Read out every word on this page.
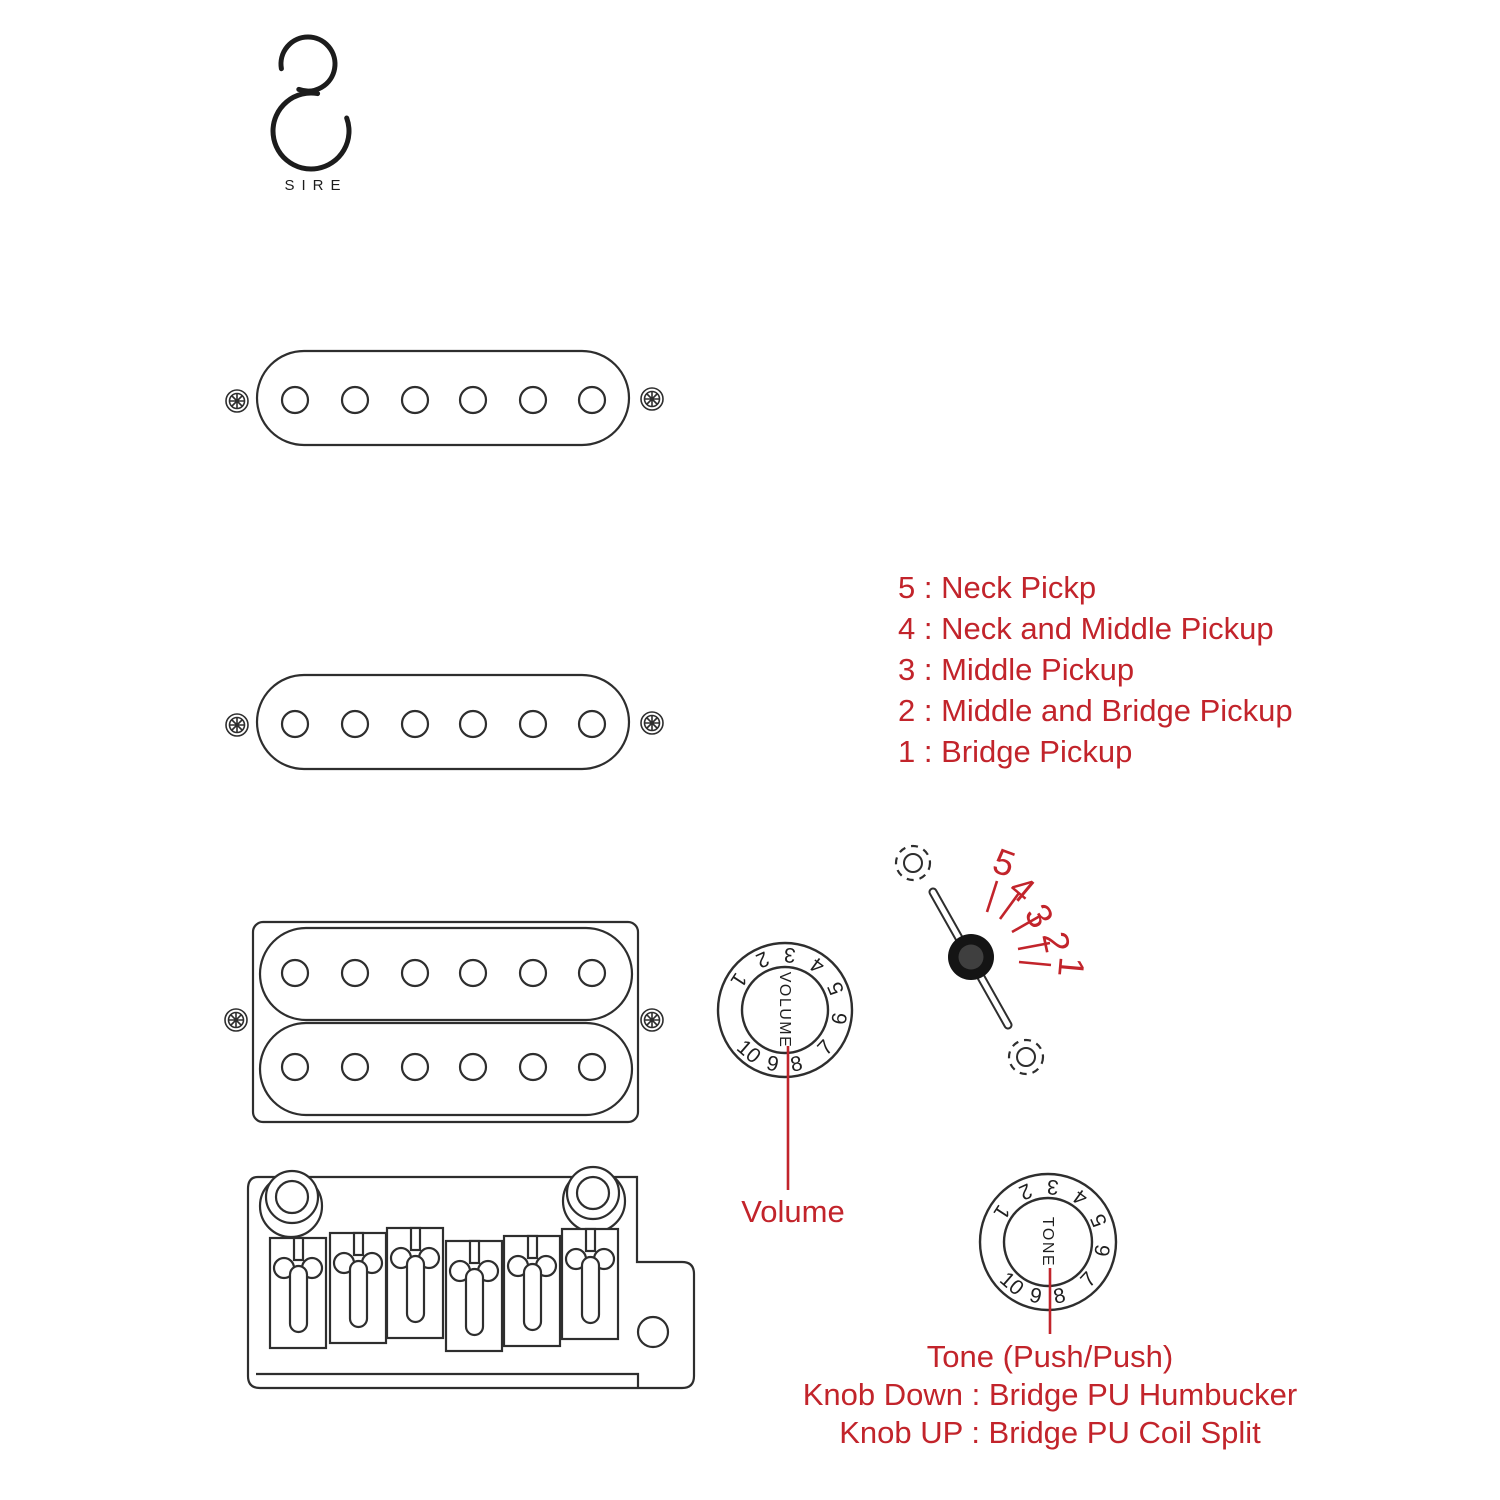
SIRE
5 : Neck Pickp
4 : Neck and Middle Pickup
3 : Middle Pickup
2 : Middle and Bridge Pickup
1 : Bridge Pickup
1
2 3 4
5
6
7
8
9
10
VOLUME
Volume
5
4
3
2
1
1
2 3 4
5
6
7
8
9
10
TONE
Tone (Push/Push)
Knob Down : Bridge PU Humbucker
Knob UP : Bridge PU Coil Split
